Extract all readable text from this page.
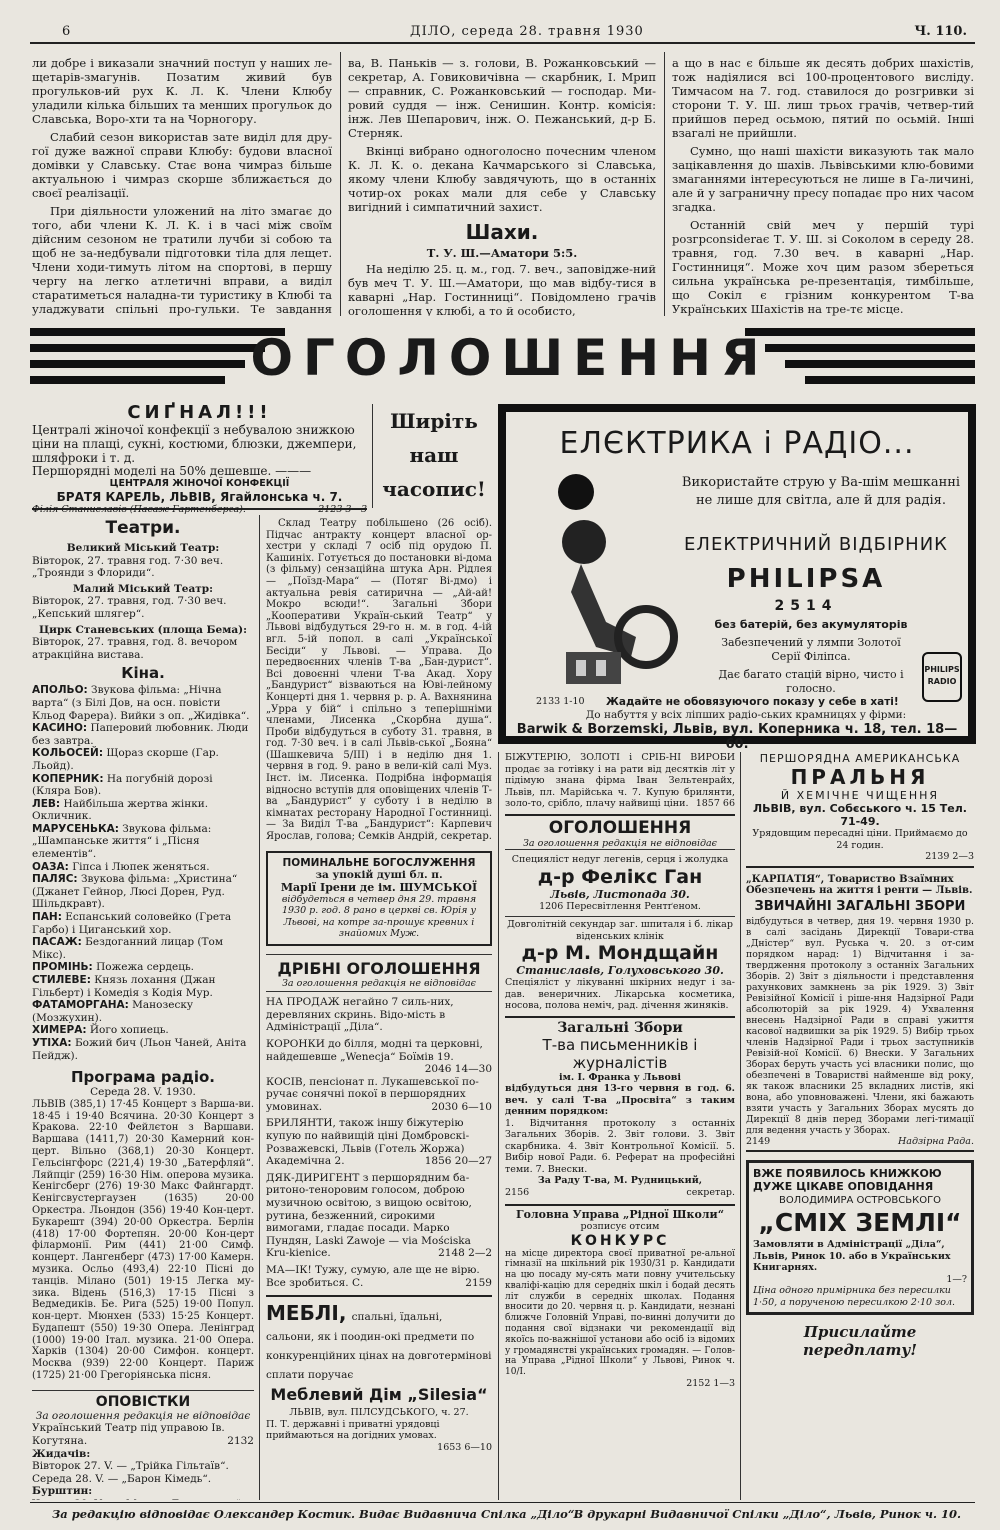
6	ДІЛО, середа 28. травня 1930	Ч. 110.

ли добре і виказали значний поступ у наших ле-щетарів-змагунів. Позатим живий був прогульков-ий рух К. Л. К. Члени Клюбу уладили кілька більших та менших прогульок до Славська, Воро-хти та на Чорногору.

Слабий сезон використав зате виділ для дру-гої дуже важної справи Клюбу: будови власної домівки у Славську. Стає вона чимраз більше актуальною і чимраз скорше зближається до своєї реалізації.

При діяльности уложений на літо змагає до того, аби члени К. Л. К. і в часі між своїм дійсним сезоном не тратили лучби зі собою та щоб не за-недбували підготовки тіла для лещет. Члени ходи-тимуть літом на спортові, в першу чергу на легко атлетичні вправи, а виділ старатиметься наладна-ти туристику в Клюбі та уладжувати спільні про-гульки. Те завдання

ва, В. Паньків — з. голови, В. Рожанковський — секретар, А. Говиковичівна — скарбник, І. Мрип — справник, С. Рожанковський — господар. Ми-ровий суддя — інж. Сенишин. Контр. комісія: інж. Лев Шепарович, інж. О. Пежанський, д-р Б. Стерняк.

Вкінці вибрано одноголосно почесним членом К. Л. К. о. декана Качмарського зі Славська, якому члени Клюбу завдячують, що в останніх чотир-ох роках мали для себе у Славську вигідний і симпатичний захист.

Шахи.
Т. У. Ш.—Аматори 5:5.

На неділю 25. ц. м., год. 7. веч., заповідже-ний був меч Т. У. Ш.—Аматори, що мав відбу-тися в каварні „Нар. Гостинниці“. Повідомлено грачів оголошення у клюбі, а то й особисто,

а що в нас є більше як десять добрих шахістів, тож надіялися всі 100-процентового висліду. Тимчасом на 7. год. ставилося до розгривки зі сторони Т. У. Ш. лиш трьох грачів, четвер-тий прийшов перед осьмою, пятий по осьмій. Інші взагалі не прийшли.

Сумно, що наші шахісти виказують так мало зацікавлення до шахів. Львівськими клю-бовими змаганнями інтересуються не лише в Га-личині, але й у заграничну пресу попадає про них часом згадка.

Останній свій меч у першій турі розгрconsiderає Т. У. Ш. зі Соколом в середу 28. травня, год. 7.30 веч. в каварні „Нар. Гостинниця“. Може хоч цим разом збереться сильна українська ре-презентація, тимбільше, що Сокіл є грізним конкурентом Т-ва Українських Шахістів на тре-тє місце.

ОГОЛОШЕННЯ
СИҐНАЛ!!!

Централі жіночої конфекції з небувалою знижкою ціни на плащі, сукні, костюми, блюзки, джемпери, шляфроки і т. д.

Першорядні моделі на 50% дешевше. ———

ЦЕНТРАЛЯ ЖІНОЧОЇ КОНФЕКЦІЇ

БРАТЯ КАРЕЛЬ, ЛЬВІВ, Ягайлонська ч. 7.

Філія Станиславів (Пасаж Гартенберга).	2123 3—3

Ширіть
наш
часопис!
ЕЛЄКТРИКА і РАДІО...
Використайте струю у Ва-шім мешканні не лише для світла, але й для радія.
ЕЛЕКТРИЧНИЙ ВІДБІРНИК
PHILIPSA
2514
без батерій, без акумуляторів
Забезпечений у лямпи Золотої Серії Філіпса.
Дає багато стацій вірно, чисто і голосно.
PHILIPS RADIO
2133 1-10 Жадайте не обовязуючого показу у себе в хаті!
До набуття у всіх ліпших радіо-ських крамницях у фірми:
Barwik & Borzemski, Львів, вул. Коперника ч. 18, тел. 18—60.
Театри.

Великий Міський Театр:

Вівторок, 27. травня год. 7·30 веч. „Троянди з Флориди“.

Малий Міський Театр:

Вівторок, 27. травня, год. 7·30 веч. „Кепський шлягер“.

Цирк Станевських (площа Бема):

Вівторок, 27. травня, год. 8. вечором атракційна вистава.

Кіна.

АПОЛЬО: Звукова фільма: „Нічна варта“ (з Білі Дов, на осн. повісти Кльод Фарера). Вийки з оп. „Жидівка“.

КАСИНО: Паперовий любовник. Люди без завтра.

КОЛЬОСЕЙ: Щораз скорше (Гар. Льойд).

КОПЕРНИК: На погубній дорозі (Кляра Бов).

ЛЕВ: Найбільша жертва жінки. Окличник.

МАРУСЕНЬКА: Звукова фільма: „Шампанське життя“ і „Пісня елементів“.

ОАЗА: Гіпса і Люпек женяться.

ПАЛЯС: Звукова фільма: „Христина“ (Джанет Гейнор, Люсі Дорен, Руд. Шільдкравт).

ПАН: Еспанський соловейко (Грета Гарбо) і Циганський хор.

ПАСАЖ: Бездоганний лицар (Том Мікс).

ПРОМІНЬ: Пожежа сердець.

СТИЛЕВЕ: Князь лохання (Джан Гільберт) і Комедія з Кодія Мур.

ФАТАМОРГАНА: Манозеску (Мозжухин).

ХИМЕРА: Його хопиець.

УТІХА: Божий бич (Льон Чаней, Аніта Пейдж).

Програма радіо.

Середа 28. V. 1930.

ЛЬВІВ (385,1) 17·45 Концерт з Варша-ви. 18·45 і 19·40 Всячина. 20·30 Концерт з Кракова. 22·10 Фейлєтон з Варшави. Варшава (1411,7) 20·30 Камерний кон-церт. Вільно (368,1) 20·30 Концерт. Гельсінгфорс (221,4) 19·30 „Батерфляй“. Ляйпціг (259) 16·30 Нім. оперова музика. Кенігсберг (276) 19·30 Макс Файнгардт. Кенігсвустергаузен (1635) 20·00 Оркестра. Льондон (356) 19·40 Кон-церт. Букарешт (394) 20·00 Оркестра. Берлін (418) 17·00 Фортепян. 20·00 Кон-церт філармонії. Рим (441) 21·00 Симф. концерт. Лангенберг (473) 17·00 Камерн. музика. Осльо (493,4) 22·10 Пісні до танців. Мілано (501) 19·15 Легка му-зика. Відень (516,3) 17·15 Пісні з Ведмедиків. Бе. Рига (525) 19·00 Попул. кон-церт. Мюнхен (533) 15·25 Концерт. Будапешт (550) 19·30 Опера. Ленінград (1000) 19·00 Італ. музика. 21·00 Опера. Харків (1304) 20·00 Симфон. концерт. Москва (939) 22·00 Концерт. Париж (1725) 21·00 Грегоріянська пісня.

ОПОВІСТКИ

За оголошення редакція не відповідає

Український Театр під управою Ів. Когутяна.	2132

Жидачів:

Вівторок 27. V. — „Трійка Гільтаїв“.

Середа 28. V. — „Барон Кімедь“.

Бурштин:

Склад Театру побільшено (26 осіб). Підчас антракту концерт власної ор-хестри у складі 7 осіб під орудою П. Кашиніх. Готується до постановки ві-дома (з фільму) сензаційна штука Арн. Рідлея — „Поїзд-Мара“ — (Потяг Ві-дмо) і актуальна ревія сатирична — „Ай-ай! Мокро всюди!“. Загальні Збори „Кооперативи Україн-ський Театр“ у Львові відбудуться 29-го н. м. в год. 4-ій вгл. 5-ій попол. в салі „Української Бесіди“ у Львові. — Управа. До передвоєнних членів Т-ва „Бан-дурист“. Всі довоєнні члени Т-ва Акад. Хору „Бандурист“ візваються на Юві-лейному Концерті дня 1. червня р. р. А. Вахнянина „Урра у бій“ і спільно з теперішніми членами, Лисенка „Скорбна душа“. Проби відбудуться в суботу 31. травня, в год. 7·30 веч. і в салі Львів-ської „Бояна“ (Шашкевича 5/III) і в неділю дня 1. червня в год. 9. рано в вели-кій салі Муз. Інст. ім. Лисенка. Подрібна інформація відносно вступів для оповіщених членів Т-ва „Бандурист“ у суботу і в неділю в кімнатах ресторану Народної Гостинниці. — За Виділ Т-ва „Бандурист“: Карпевич Ярослав, голова; Семків Андрій, секретар.

ПОМИНАЛЬНЕ БОГОСЛУЖЕННЯ
за упокій душі бл. п.
Марії Ірени де ім. ШУМСЬКОЇ
відбудеться в четвер дня 29. травня 1930 р. год. 8 рано в церкві св. Юрія у Львові, на котре за-прошує кревних і знайомих Муж.
ДРІБНІ ОГОЛОШЕННЯ
За оголошення редакція не відповідає

НА ПРОДАЖ негайно 7 силь-них, деревляних скринь. Відо-мість в Адміністрації „Діла“.

КОРОНКИ до білля, модні та церковні, найдешевше „Wenecja“ Боїмів 19.
2046 14—30

КОСІВ, пенсіонат п. Лукашевської по-ручає сонячні покої в першорядних умовинах.	2030 6—10

БРИЛЯНТИ, також іншу біжутерію купую по найвищій ціні Домбровскі-Розважевскі, Львів (Готель Жоржа) Академічна 2.	1856 20—27

ДЯК-ДИРИГЕНТ з першорядним ба-ритоно-теноровим голосом, доброю музичною освітою, з вищою освітою, рутина, безженний, сирокими вимогами, гладає посади. Марко Пундян, Laski Zawoje — via Mościska Kru-kienice.	2148 2—2

МА—ІК! Тужу, сумую, але ще не вірю. Все зробиться. С.	2159

МЕБЛІ, спальні, їдальні, сальони, як і поодин-окі предмети по конкуренційних цінах на довготермінові сплати поручає

Меблевий Дім „Silesia“
ЛЬВІВ, вул. ПІЛСУДСЬКОГО, ч. 27.
П. Т. державні і приватні урядовці приймаються на догідних умовах.
1653 6—10

БІЖУТЕРІЮ, ЗОЛОТІ і СРІБ-НІ ВИРОБИ продає за готівку і на рати від десятків літ у підімую знана фірма Іван Зельтенрайх, Львів, пл. Марійська ч. 7. Купую брилянти, золо-то, срібло, плачу найвищі ціни. 1857 66

ОГОЛОШЕННЯ
За оголошення редакція не відповідає
Специяліст недуг легенів, серця і жолудка
д-р Фелікс Ган
Львів, Листопада 30.
1206 Пересвітлення Рентґеном.
Довголітній секундар заг. шпиталя і б. лікар віденських клінік
д-р М. Мондщайн
Станиславів, Голуховського 30.
Спеціяліст у лікуванні шкірних недуг і за-дав. венеричних. Лікарська косметика, носова, полова неміч, рад. дічення жиняків.
Загальні Збори
Т-ва письменників і журналістів
ім. І. Франка у Львові
відбудуться дня 13-го червня в год. 6. веч. у салі Т-ва „Просвіта“ з таким денним порядком:
1. Відчитання протоколу з останніх Загальних Зборів. 2. Звіт голови. 3. Звіт скарбника. 4. Звіт Контрольної Комісії. 5. Вибір нової Ради. 6. Реферат на професійні теми. 7. Внески.
За Раду Т-ва, М. Рудницький,
2156	секретар.
Головна Управа „Рідної Школи“
розписує отсим
КОНКУРС
на місце директора своєї приватної ре-альної гімназії на шкільний рік 1930/31 р. Кандидати на цю посаду му-сять мати повну учительську кваліфі-кацію для середніх шкіл і бодай десять літ служби в середніх школах. Подання вносити до 20. червня ц. р. Кандидати, незнані ближче Головній Управі, по-винні долучити до подання свої відзнаки чи рекомендації від якоїсь по-важнішої установи або осіб із відомих у громадянстві українських громадян. — Голов-на Управа „Рідної Школи“ у Львові, Ринок ч. 10/I.
2152 1—3
ПЕРШОРЯДНА АМЕРИКАНСЬКА
ПРАЛЬНЯ
Й ХЕМІЧНЕ ЧИЩЕННЯ
ЛЬВІВ, вул. Собєського ч. 15 Тел. 71-49.
Урядовщим пересадні ціни. Приймаємо до 24 годин.
2139 2—3
„КАРПАТІЯ“, Товариство Взаїмних Обезпечень на життя і ренти — Львів.
ЗВИЧАЙНІ ЗАГАЛЬНІ ЗБОРИ
відбудуться в четвер, дня 19. червня 1930 р. в салі засідань Дирекції Товари-ства „Дністер“ вул. Руська ч. 20. з от-сим порядком нарад: 1) Відчитання і за-твердження протоколу з останніх Загальних Зборів. 2) Звіт з діяльности і представлення рахункових замкнень за рік 1929. 3) Звіт Ревізійної Комісії і ріше-ння Надзірної Ради абсолюторій за рік 1929. 4) Ухвалення внесень Надзірної Ради в справі ужиття касової надвишки за рік 1929. 5) Вибір трьох членів Надзірної Ради і трьох заступників Ревізій-ної Комісії. 6) Внески. У Загальних Зборах беруть участь усі власники полис, що обезпечені в Товаристві найменше від року, як також власники 25 вкладних листів, які вона, або уповноважені. Члени, які бажають взяти участь у Загальних Зборах мусять до Дирекції 8 днів перед Зборами легі-тимації для ведення участь у Зборах.
2149	Надзірна Рада.
ВЖЕ ПОЯВИЛОСЬ КНИЖКОЮ
ДУЖЕ ЦІКАВЕ ОПОВІДАННЯ
ВОЛОДИМИРА ОСТРОВСЬКОГО
„СМІХ ЗЕМЛІ“
Замовляти в Адміністрації „Діла“, Львів, Ринок 10. або в Українських Книгарнях.
1—?
Ціна одного примірника без пересилки 1·50, а порученою пересилкою 2·10 зол.
Присилайте передплату!
За редакцію відповідає Олександер Костик. Видає Видавнича Спілка „Діло“.
В друкарні Видавничої Спілки „Діло“, Львів, Ринок ч. 10.
